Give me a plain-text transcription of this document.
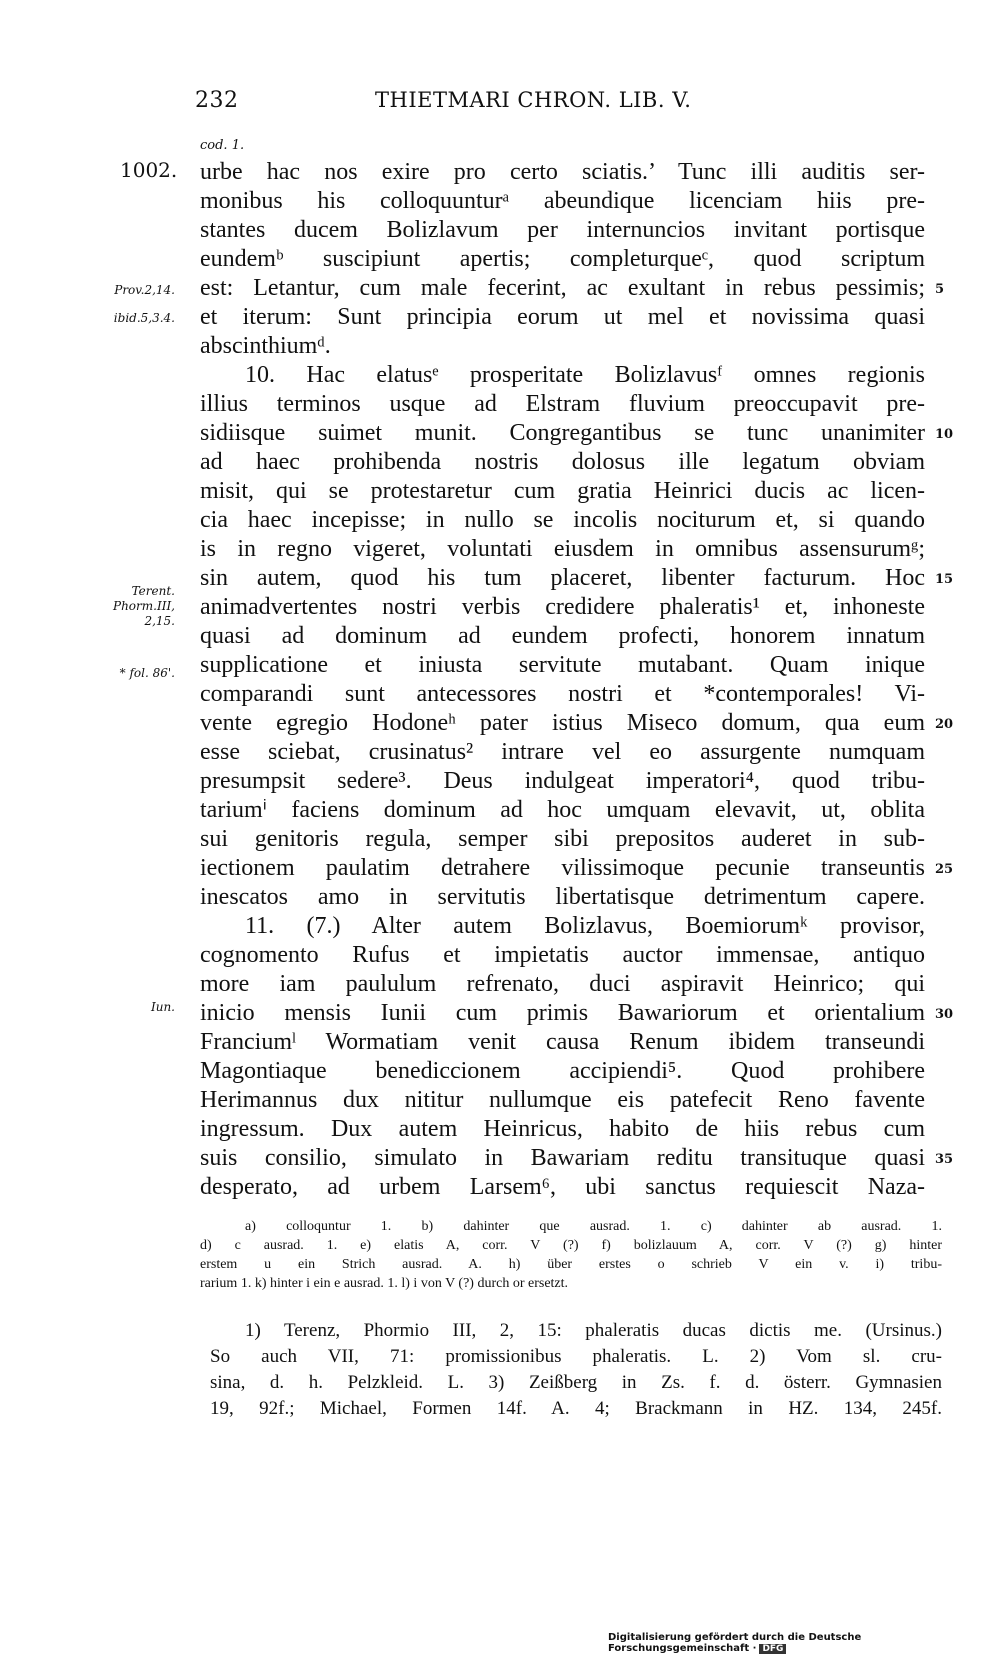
232	THIETMARI CHRON. LIB. V.
cod. 1.
1002.
Prov.2,14.
ibid.5,3.4.
Terent.
Phorm.III,
2,15.
* fol. 86'.
Iun.
urbe hac nos exire pro certo sciatis.’ Tunc illi auditis ser-
monibus his colloquunturᵃ abeundique licenciam hiis pre-
stantes ducem Bolizlavum per internuncios invitant portisque
eundemᵇ suscipiunt apertis; completurqueᶜ, quod scriptum
est: Letantur, cum male fecerint, ac exultant in rebus pessimis;
et iterum: Sunt principia eorum ut mel et novissima quasi
abscinthiumᵈ.
10. Hac elatusᵉ prosperitate Bolizlavusᶠ omnes regionis
illius terminos usque ad Elstram fluvium preoccupavit pre-
sidiisque suimet munit. Congregantibus se tunc unanimiter
ad haec prohibenda nostris dolosus ille legatum obviam
misit, qui se protestaretur cum gratia Heinrici ducis ac licen-
cia haec incepisse; in nullo se incolis nociturum et, si quando
is in regno vigeret, voluntati eiusdem in omnibus assensurumᵍ;
sin autem, quod his tum placeret, libenter facturum. Hoc
animadvertentes nostri verbis credidere phaleratis¹ et, inhoneste
quasi ad dominum ad eundem profecti, honorem innatum
supplicatione et iniusta servitute mutabant. Quam inique
comparandi sunt antecessores nostri et *contemporales! Vi-
vente egregio Hodoneʰ pater istius Miseco domum, qua eum
esse sciebat, crusinatus² intrare vel eo assurgente numquam
presumpsit sedere³. Deus indulgeat imperatori⁴, quod tribu-
tariumⁱ faciens dominum ad hoc umquam elevavit, ut, oblita
sui genitoris regula, semper sibi prepositos auderet in sub-
iectionem paulatim detrahere vilissimoque pecunie transeuntis
inescatos amo in servitutis libertatisque detrimentum capere.
11. (7.) Alter autem Bolizlavus, Boemiorumᵏ provisor,
cognomento Rufus et impietatis auctor immensae, antiquo
more iam paululum refrenato, duci aspiravit Heinrico; qui
inicio mensis Iunii cum primis Bawariorum et orientalium
Franciumˡ Wormatiam venit causa Renum ibidem transeundi
Magontiaque benediccionem accipiendi⁵. Quod prohibere
Herimannus dux nititur nullumque eis patefecit Reno favente
ingressum. Dux autem Heinricus, habito de hiis rebus cum
suis consilio, simulato in Bawariam reditu transituque quasi
desperato, ad urbem Larsem⁶, ubi sanctus requiescit Naza-
5
10
15
20
25
30
35
a) colloquntur 1. b) dahinter que ausrad. 1. c) dahinter ab ausrad. 1.
d) c ausrad. 1. e) elatis A, corr. V (?) f) bolizlauum A, corr. V (?) g) hinter
erstem u ein Strich ausrad. A. h) über erstes o schrieb V ein v. i) tribu-
rarium 1. k) hinter i ein e ausrad. 1. l) i von V (?) durch or ersetzt.
1) Terenz, Phormio III, 2, 15: phaleratis ducas dictis me. (Ursinus.)
So auch VII, 71: promissionibus phaleratis. L. 2) Vom sl. cru-
sina, d. h. Pelzkleid. L. 3) Zeißberg in Zs. f. d. österr. Gymnasien
19, 92f.; Michael, Formen 14f. A. 4; Brackmann in HZ. 134, 245f.
Digitalisierung gefördert durch die Deutsche Forschungsgemeinschaft · DFG
